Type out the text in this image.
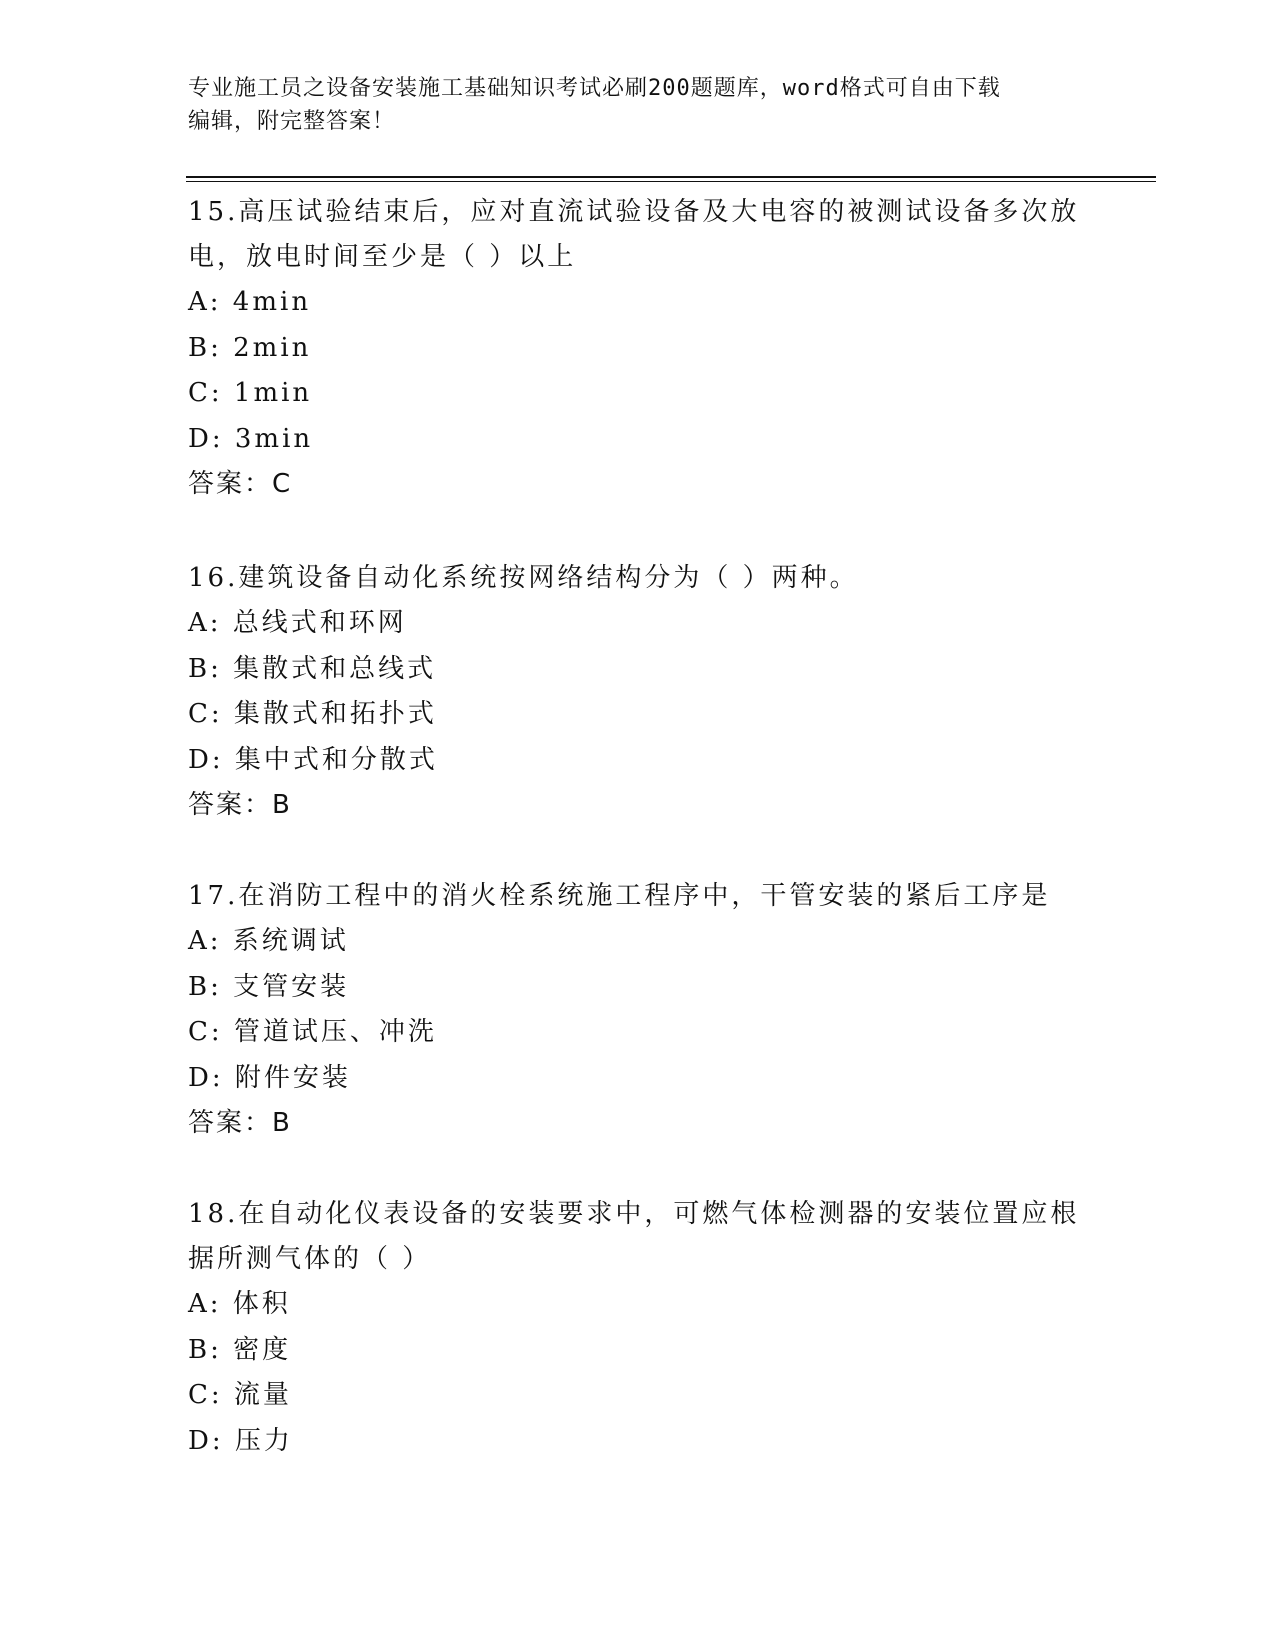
专业施工员之设备安装施工基础知识考试必刷200题题库，word格式可自由下载
编辑，附完整答案！

15.高压试验结束后，应对直流试验设备及大电容的被测试设备多次放

电，放电时间至少是（ ）以上

A: 4min

B: 2min

C: 1min

D: 3min

答案：C

16.建筑设备自动化系统按网络结构分为（ ）两种。

A: 总线式和环网

B: 集散式和总线式

C: 集散式和拓扑式

D: 集中式和分散式

答案：B

17.在消防工程中的消火栓系统施工程序中，干管安装的紧后工序是

A: 系统调试

B: 支管安装

C: 管道试压、冲洗

D: 附件安装

答案：B

18.在自动化仪表设备的安装要求中，可燃气体检测器的安装位置应根

据所测气体的（ ）

A: 体积

B: 密度

C: 流量

D: 压力
